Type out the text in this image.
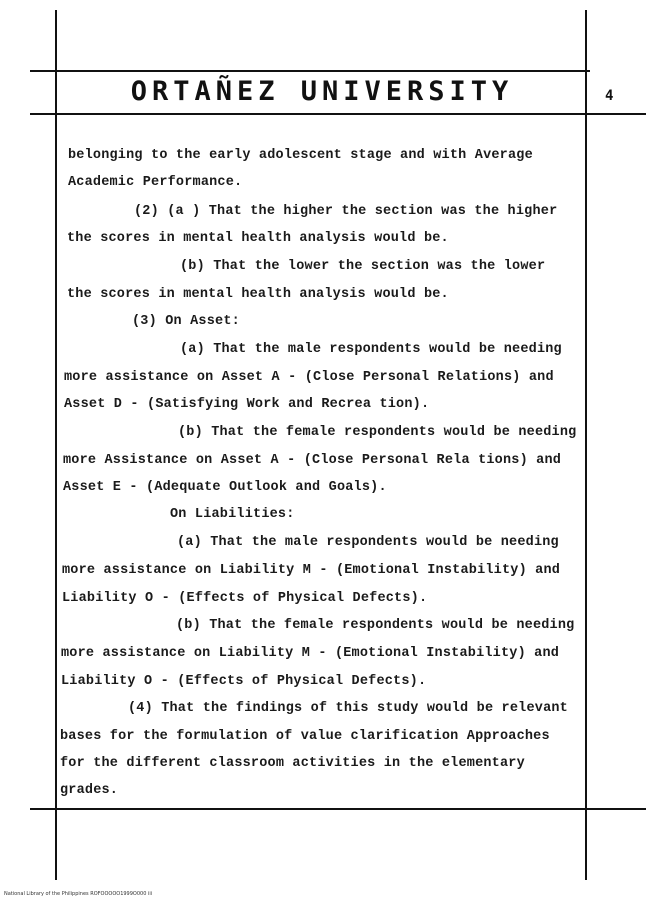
ORTAÑEZ UNIVERSITY	4
belonging to the early adolescent stage and with Average
Academic Performance.
(2) (a ) That the higher the section was the higher
the scores in mental health analysis would be.
(b) That the lower the section was the lower
the scores in mental health analysis would be.
(3) On Asset:
(a) That the male respondents would be needing
more assistance on Asset A - (Close Personal Relations) and
Asset D - (Satisfying Work and Recrea tion).
(b) That the female respondents would be needing
more Assistance on Asset A - (Close Personal Rela tions) and
Asset E - (Adequate Outlook and Goals).
On Liabilities:
(a) That the male respondents would be needing
more assistance on Liability M - (Emotional Instability) and
Liability O - (Effects of Physical Defects).
(b) That the female respondents would be needing
more assistance on Liability M - (Emotional Instability) and
Liability O - (Effects of Physical Defects).
(4) That the findings of this study would be relevant
bases for the formulation of value clarification Approaches
for the different classroom activities in the elementary
grades.
National Library of the Philippines ROFOOOOO1999O000 iii
